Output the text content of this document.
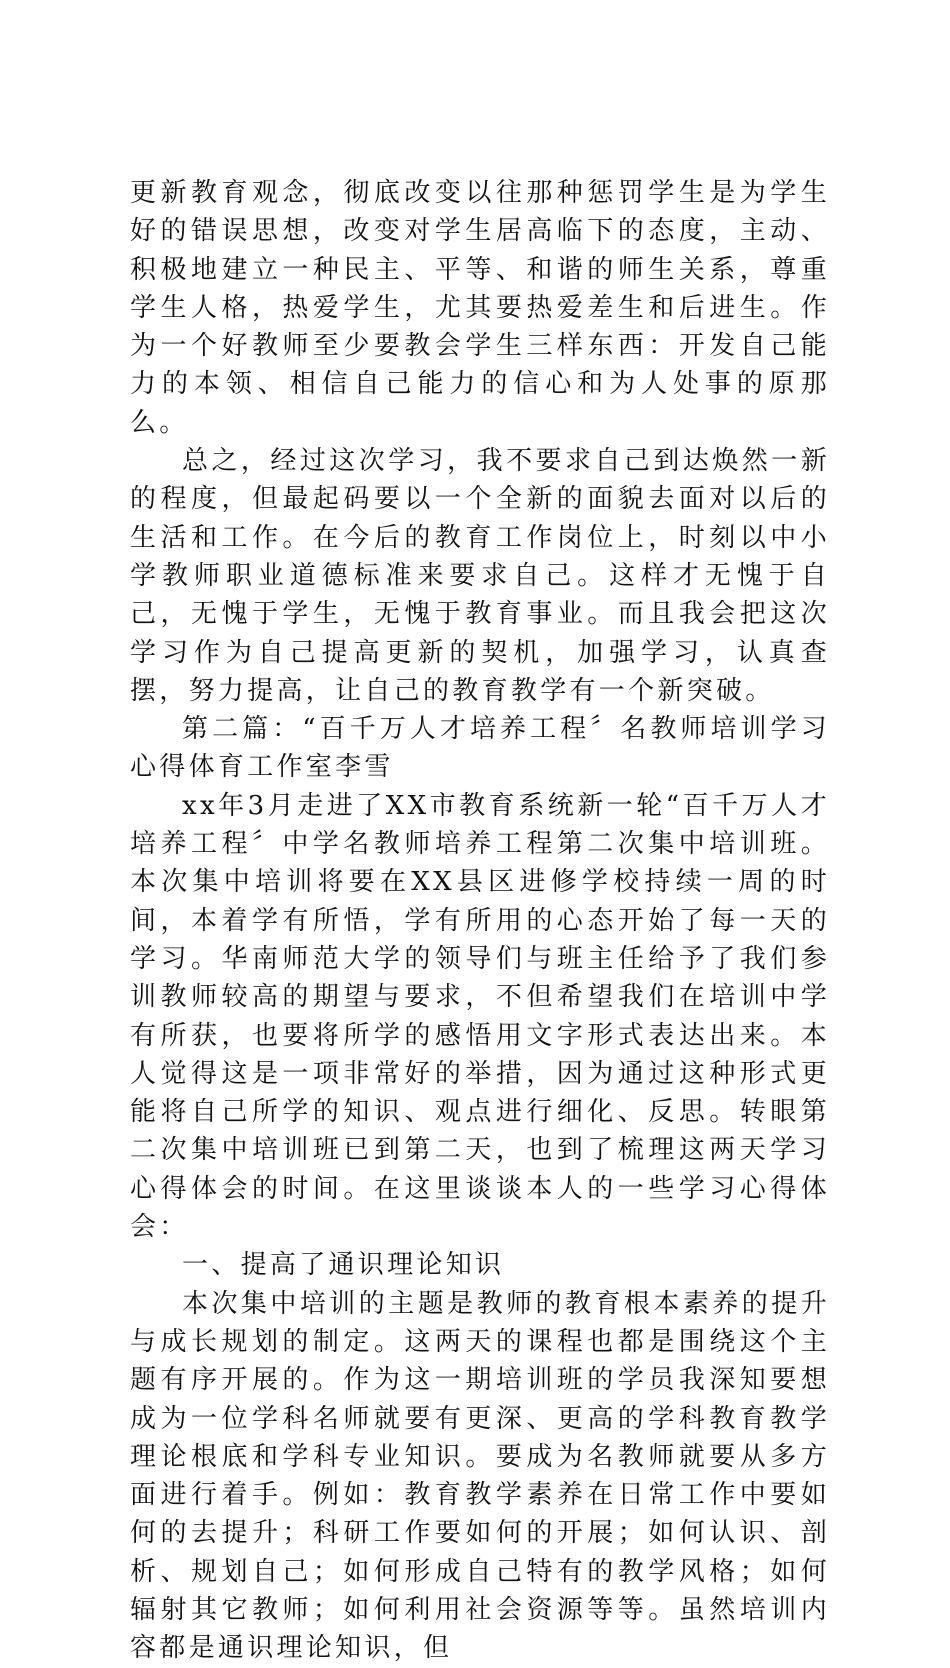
更新教育观念，彻底改变以往那种惩罚学生是为学生好的错误思想，改变对学生居高临下的态度，主动、积极地建立一种民主、平等、和谐的师生关系，尊重学生人格，热爱学生，尤其要热爱差生和后进生。作为一个好教师至少要教会学生三样东西：开发自己能力的本领、相信自己能力的信心和为人处事的原那么。

总之，经过这次学习，我不要求自己到达焕然一新的程度，但最起码要以一个全新的面貌去面对以后的生活和工作。在今后的教育工作岗位上，时刻以中小学教师职业道德标准来要求自己。这样才无愧于自己，无愧于学生，无愧于教育事业。而且我会把这次学习作为自己提高更新的契机，加强学习，认真查摆，努力提高，让自己的教育教学有一个新突破。

第二篇：“百千万人才培养工程〞名教师培训学习心得体育工作室李雪

xx年3月走进了XX市教育系统新一轮“百千万人才培养工程〞中学名教师培养工程第二次集中培训班。本次集中培训将要在XX县区进修学校持续一周的时间，本着学有所悟，学有所用的心态开始了每一天的学习。华南师范大学的领导们与班主任给予了我们参训教师较高的期望与要求，不但希望我们在培训中学有所获，也要将所学的感悟用文字形式表达出来。本人觉得这是一项非常好的举措，因为通过这种形式更能将自己所学的知识、观点进行细化、反思。转眼第二次集中培训班已到第二天，也到了梳理这两天学习心得体会的时间。在这里谈谈本人的一些学习心得体会：

一、提高了通识理论知识

本次集中培训的主题是教师的教育根本素养的提升与成长规划的制定。这两天的课程也都是围绕这个主题有序开展的。作为这一期培训班的学员我深知要想成为一位学科名师就要有更深、更高的学科教育教学理论根底和学科专业知识。要成为名教师就要从多方面进行着手。例如：教育教学素养在日常工作中要如何的去提升；科研工作要如何的开展；如何认识、剖析、规划自己；如何形成自己特有的教学风格；如何辐射其它教师；如何利用社会资源等等。虽然培训内容都是通识理论知识，但
